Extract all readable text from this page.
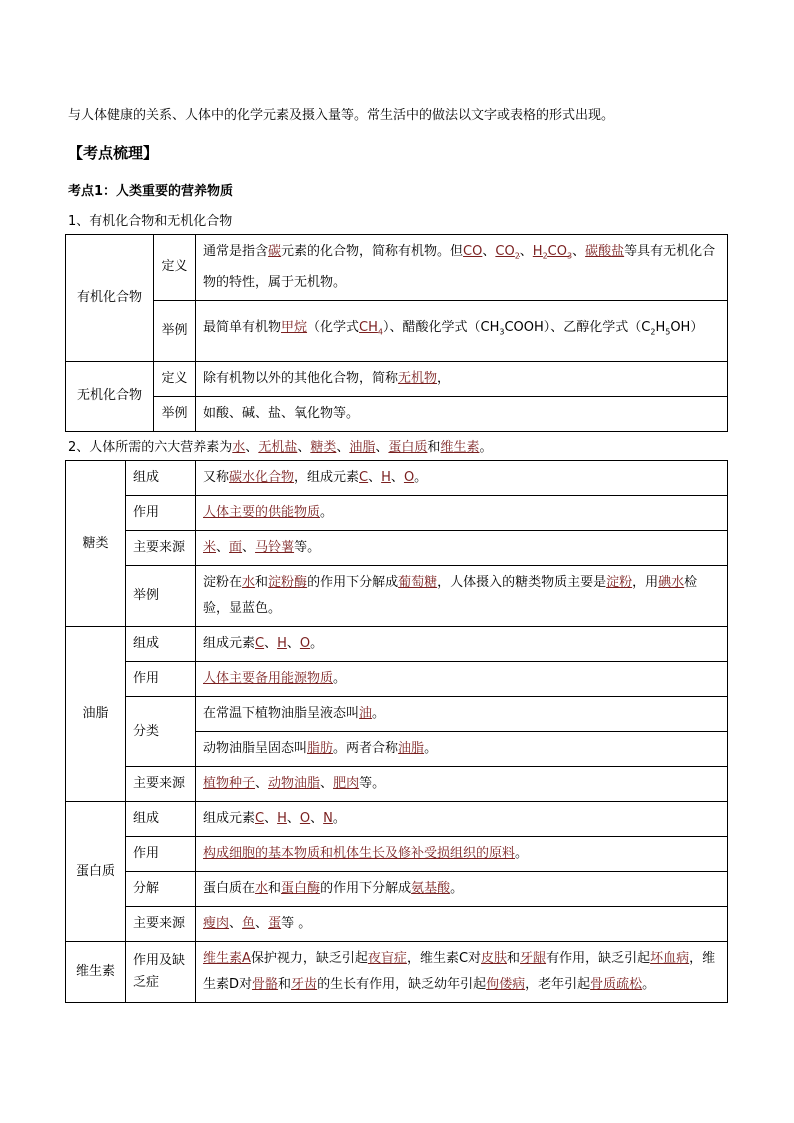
与人体健康的关系、人体中的化学元素及摄入量等。常生活中的做法以文字或表格的形式出现。
【考点梳理】
考点1：人类重要的营养物质
1、有机化合物和无机化合物
有机化合物	定义	通常是指含碳元素的化合物，简称有机物。但CO、$CO_2$、$H_2CO_3$、碳酸盐等具有无机化合物的特性，属于无机物。
	举例	最简单有机物甲烷（化学式$CH_4$）、醋酸化学式$(CH_3COOH)$、乙醇化学式$(C_2H_5OH)$
无机化合物	定义	除有机物以外的其他化合物，简称无机物，
	举例	如酸、碱、盐、氧化物等。
2、人体所需的六大营养素为水、无机盐、糖类、油脂、蛋白质和维生素。
糖类	组成	又称碳水化合物，组成元素C、H、O。
	作用	人体主要的供能物质。
	主要来源	米、面、马铃薯等。
	举例	淀粉在水和淀粉酶的作用下分解成葡萄糖，人体摄入的糖类物质主要是淀粉，用碘水检验，显蓝色。
油脂	组成	组成元素C、H、O。
	作用	人体主要备用能源物质。
	分类	在常温下植物油脂呈液态叫油。
		动物油脂呈固态叫脂肪。两者合称油脂。
	主要来源	植物种子、动物油脂、肥肉等。
蛋白质	组成	组成元素C、H、O、N。
	作用	构成细胞的基本物质和机体生长及修补受损组织的原料。
	分解	蛋白质在水和蛋白酶的作用下分解成氨基酸。
	主要来源	瘦肉、鱼、蛋等 。
维生素	作用及缺乏症	维生素A保护视力，缺乏引起夜盲症，维生素C对皮肤和牙龈有作用，缺乏引起坏血病，维生素D对骨骼和牙齿的生长有作用，缺乏幼年引起佝偻病，老年引起骨质疏松。
